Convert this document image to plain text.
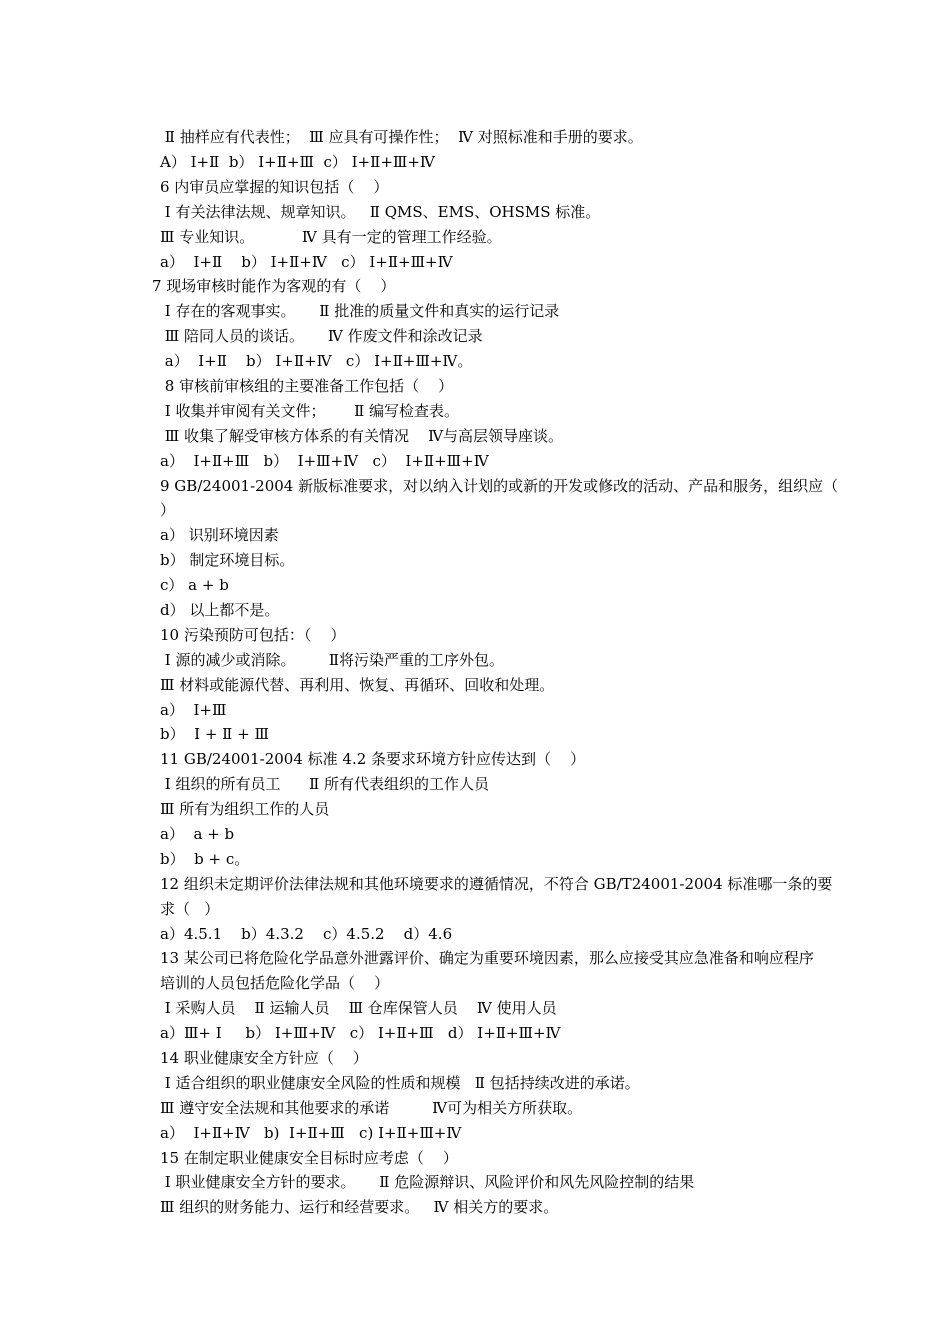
Ⅱ 抽样应有代表性；  Ⅲ 应具有可操作性；  Ⅳ 对照标准和手册的要求。

A） Ⅰ+Ⅱ  b） Ⅰ+Ⅱ+Ⅲ  c） Ⅰ+Ⅱ+Ⅲ+Ⅳ

6 内审员应掌握的知识包括（    ）

Ⅰ 有关法律法规、规章知识。   Ⅱ QMS、EMS、OHSMS 标准。

Ⅲ 专业知识。          Ⅳ 具有一定的管理工作经验。

a）  Ⅰ+Ⅱ    b） Ⅰ+Ⅱ+Ⅳ   c） Ⅰ+Ⅱ+Ⅲ+Ⅳ

7 现场审核时能作为客观的有（    ）

Ⅰ 存在的客观事实。     Ⅱ 批准的质量文件和真实的运行记录

Ⅲ 陪同人员的谈话。     Ⅳ 作废文件和涂改记录

a）  Ⅰ+Ⅱ    b） Ⅰ+Ⅱ+Ⅳ   c） Ⅰ+Ⅱ+Ⅲ+Ⅳ。

8 审核前审核组的主要准备工作包括（    ）

Ⅰ 收集并审阅有关文件；      Ⅱ 编写检查表。

Ⅲ 收集了解受审核方体系的有关情况    Ⅳ与高层领导座谈。

a）  Ⅰ+Ⅱ+Ⅲ   b）  Ⅰ+Ⅲ+Ⅳ   c）  Ⅰ+Ⅱ+Ⅲ+Ⅳ

9 GB/24001-2004 新版标准要求，对以纳入计划的或新的开发或修改的活动、产品和服务，组织应（

）

a） 识别环境因素

b） 制定环境目标。

c） a + b

d） 以上都不是。

10 污染预防可包括：（    ）

Ⅰ 源的减少或消除。       Ⅱ将污染严重的工序外包。

Ⅲ 材料或能源代替、再利用、恢复、再循环、回收和处理。

a）  Ⅰ+Ⅲ

b）  Ⅰ + Ⅱ + Ⅲ

11 GB/24001-2004 标准 4.2 条要求环境方针应传达到（    ）

Ⅰ 组织的所有员工      Ⅱ 所有代表组织的工作人员

Ⅲ 所有为组织工作的人员

a）  a + b

b）  b + c。

12 组织未定期评价法律法规和其他环境要求的遵循情况，不符合 GB/T24001-2004 标准哪一条的要

求（   ）

a）4.5.1    b）4.3.2    c）4.5.2    d）4.6

13 某公司已将危险化学品意外泄露评价、确定为重要环境因素，那么应接受其应急准备和响应程序

培训的人员包括危险化学品（    ）

Ⅰ 采购人员    Ⅱ 运输人员    Ⅲ 仓库保管人员    Ⅳ 使用人员

a）Ⅲ+ Ⅰ     b） Ⅰ+Ⅲ+Ⅳ   c） Ⅰ+Ⅱ+Ⅲ   d） Ⅰ+Ⅱ+Ⅲ+Ⅳ

14 职业健康安全方针应（    ）

Ⅰ 适合组织的职业健康安全风险的性质和规模   Ⅱ 包括持续改进的承诺。

Ⅲ 遵守安全法规和其他要求的承诺         Ⅳ可为相关方所获取。

a）  Ⅰ+Ⅱ+Ⅳ   b)  Ⅰ+Ⅱ+Ⅲ   c) Ⅰ+Ⅱ+Ⅲ+Ⅳ

15 在制定职业健康安全目标时应考虑（    ）

Ⅰ 职业健康安全方针的要求。     Ⅱ 危险源辩识、风险评价和风先风险控制的结果

Ⅲ 组织的财务能力、运行和经营要求。   Ⅳ 相关方的要求。
